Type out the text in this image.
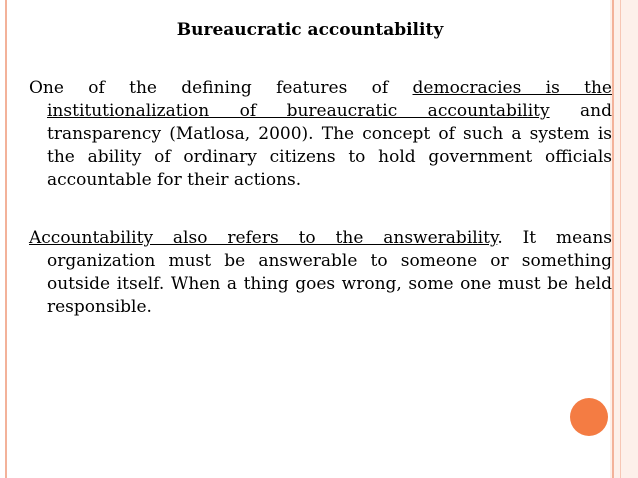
Bureaucratic accountability

One of the defining features of democracies is the institutionalization of bureaucratic accountability and transparency (Matlosa, 2000). The concept of such a system is the ability of ordinary citizens to hold government officials accountable for their actions.

Accountability also refers to the answerability. It means organization must be answerable to someone or something outside itself. When a thing goes wrong, some one must be held responsible.
